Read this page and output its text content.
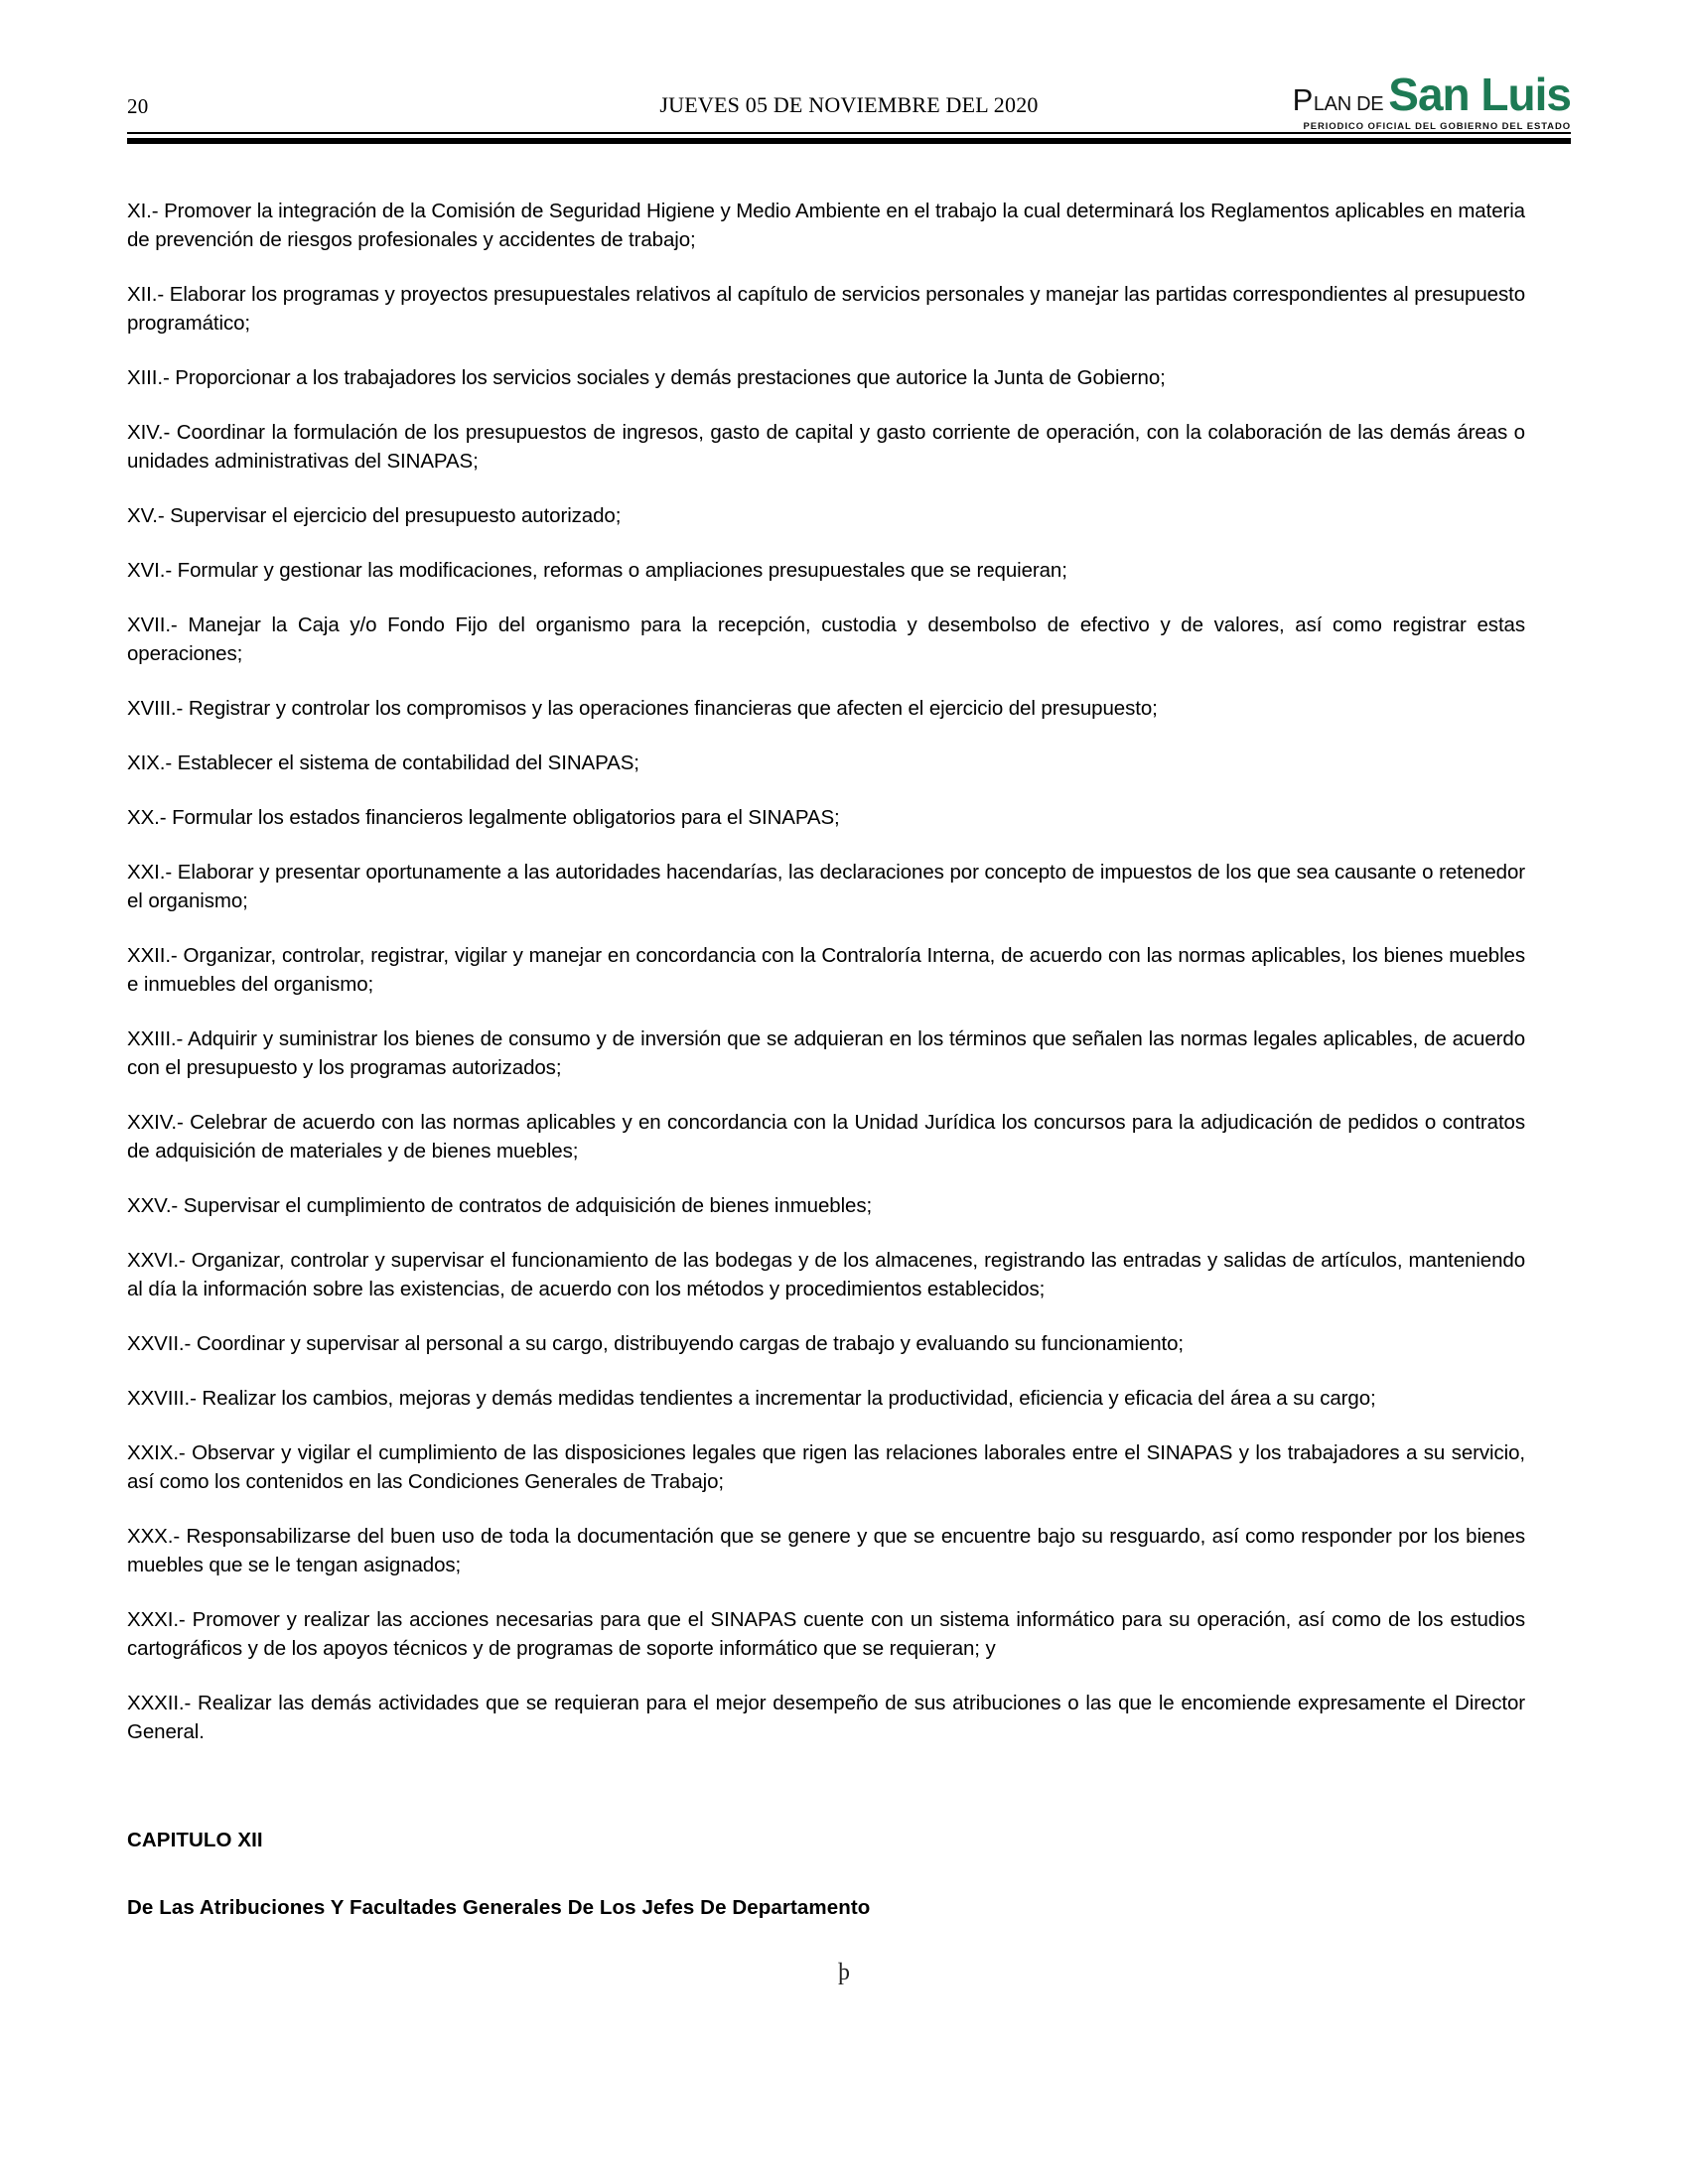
20	JUEVES 05 DE NOVIEMBRE DEL 2020	P LAN DE San Luis
PERIODICO OFICIAL DEL GOBIERNO DEL ESTADO

XI.- Promover la integración de la Comisión de Seguridad Higiene y Medio Ambiente en el trabajo la cual determinará los Reglamentos aplicables en materia de prevención de riesgos profesionales y accidentes de trabajo;

XII.- Elaborar los programas y proyectos presupuestales relativos al capítulo de servicios personales y manejar las partidas correspondientes al presupuesto programático;

XIII.- Proporcionar a los trabajadores los servicios sociales y demás prestaciones que autorice la Junta de Gobierno;

XIV.- Coordinar la formulación de los presupuestos de ingresos, gasto de capital y gasto corriente de operación, con la colaboración de las demás áreas o unidades administrativas del SINAPAS;

XV.- Supervisar el ejercicio del presupuesto autorizado;

XVI.- Formular y gestionar las modificaciones, reformas o ampliaciones presupuestales que se requieran;

XVII.- Manejar la Caja y/o Fondo Fijo del organismo para la recepción, custodia y desembolso de efectivo y de valores, así como registrar estas operaciones;

XVIII.- Registrar y controlar los compromisos y las operaciones financieras que afecten el ejercicio del presupuesto;

XIX.- Establecer el sistema de contabilidad del SINAPAS;

XX.- Formular los estados financieros legalmente obligatorios para el SINAPAS;

XXI.- Elaborar y presentar oportunamente a las autoridades hacendarías, las declaraciones por concepto de impuestos de los que sea causante o retenedor el organismo;

XXII.- Organizar, controlar, registrar, vigilar y manejar en concordancia con la Contraloría Interna, de acuerdo con las normas aplicables, los bienes muebles e inmuebles del organismo;

XXIII.- Adquirir y suministrar los bienes de consumo y de inversión que se adquieran en los términos que señalen las normas legales aplicables, de acuerdo con el presupuesto y los programas autorizados;

XXIV.- Celebrar de acuerdo con las normas aplicables y en concordancia con la Unidad Jurídica los concursos para la adjudicación de pedidos o contratos de adquisición de materiales y de bienes muebles;

XXV.- Supervisar el cumplimiento de contratos de adquisición de bienes inmuebles;

XXVI.- Organizar, controlar y supervisar el funcionamiento de las bodegas y de los almacenes, registrando las entradas y salidas de artículos, manteniendo al día la información sobre las existencias, de acuerdo con los métodos y procedimientos establecidos;

XXVII.- Coordinar y supervisar al personal a su cargo, distribuyendo cargas de trabajo y evaluando su funcionamiento;

XXVIII.- Realizar los cambios, mejoras y demás medidas tendientes a incrementar la productividad, eficiencia y eficacia del área a su cargo;

XXIX.- Observar y vigilar el cumplimiento de las disposiciones legales que rigen las relaciones laborales entre el SINAPAS y los trabajadores a su servicio, así como los contenidos en las Condiciones Generales de Trabajo;

XXX.- Responsabilizarse del buen uso de toda la documentación que se genere y que se encuentre bajo su resguardo, así como responder por los bienes muebles que se le tengan asignados;

XXXI.- Promover y realizar las acciones necesarias para que el SINAPAS cuente con un sistema informático para su operación, así como de los estudios cartográficos y de los apoyos técnicos y de programas de soporte informático que se requieran; y

XXXII.- Realizar las demás actividades que se requieran para el mejor desempeño de sus atribuciones o las que le encomiende expresamente el Director General.

CAPITULO XII
De Las Atribuciones Y Facultades Generales De Los Jefes De Departamento
þ
